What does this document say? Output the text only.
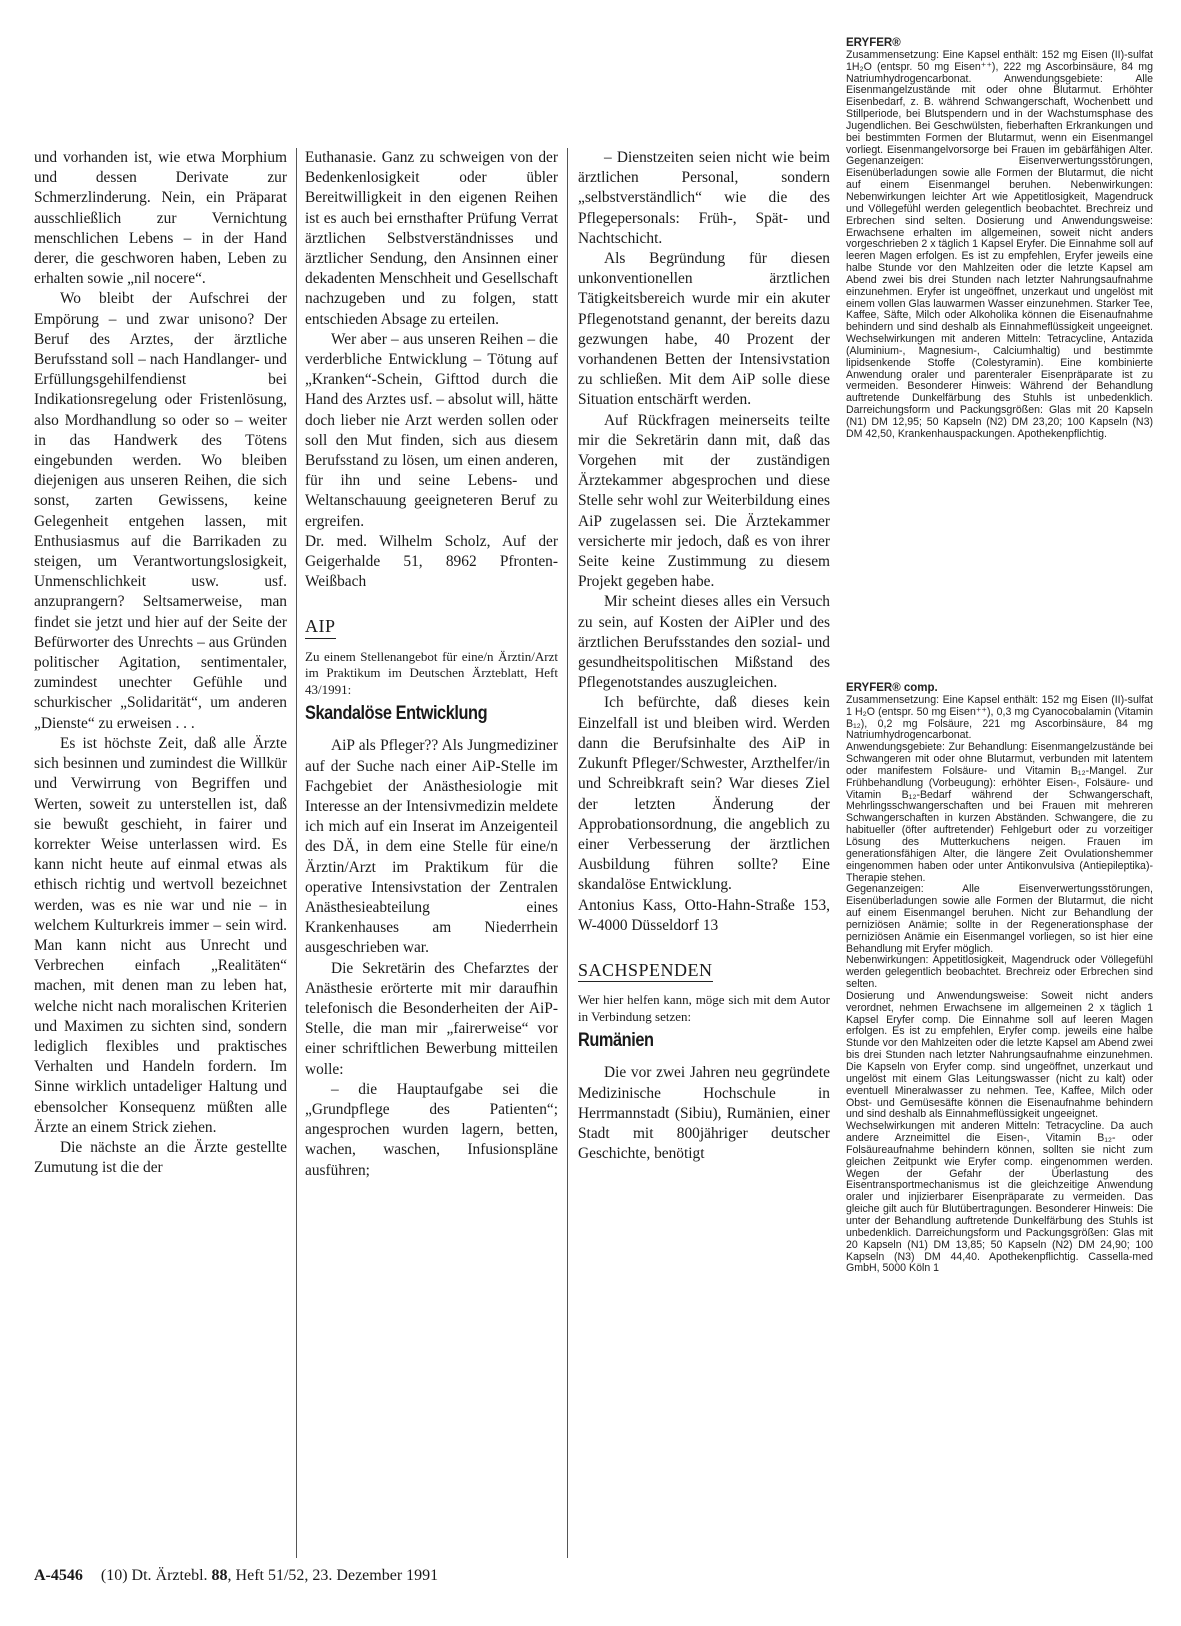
und vorhanden ist, wie etwa Morphium und dessen Derivate zur Schmerzlinderung. Nein, ein Präparat ausschließlich zur Vernichtung menschlichen Lebens – in der Hand derer, die geschworen haben, Leben zu erhalten sowie „nil nocere“.

Wo bleibt der Aufschrei der Empörung – und zwar unisono? Der Beruf des Arztes, der ärztliche Berufsstand soll – nach Handlanger- und Erfüllungsgehilfendienst bei Indikationsregelung oder Fristenlösung, also Mordhandlung so oder so – weiter in das Handwerk des Tötens eingebunden werden. Wo bleiben diejenigen aus unseren Reihen, die sich sonst, zarten Gewissens, keine Gelegenheit entgehen lassen, mit Enthusiasmus auf die Barrikaden zu steigen, um Verantwortungslosigkeit, Unmenschlichkeit usw. usf. anzuprangern? Seltsamerweise, man findet sie jetzt und hier auf der Seite der Befürworter des Unrechts – aus Gründen politischer Agitation, sentimentaler, zumindest unechter Gefühle und schurkischer „Solidarität“, um anderen „Dienste“ zu erweisen . . .

Es ist höchste Zeit, daß alle Ärzte sich besinnen und zumindest die Willkür und Verwirrung von Begriffen und Werten, soweit zu unterstellen ist, daß sie bewußt geschieht, in fairer und korrekter Weise unterlassen wird. Es kann nicht heute auf einmal etwas als ethisch richtig und wertvoll bezeichnet werden, was es nie war und nie – in welchem Kulturkreis immer – sein wird. Man kann nicht aus Unrecht und Verbrechen einfach „Realitäten“ machen, mit denen man zu leben hat, welche nicht nach moralischen Kriterien und Maximen zu sichten sind, sondern lediglich flexibles und praktisches Verhalten und Handeln fordern. Im Sinne wirklich untadeliger Haltung und ebensolcher Konsequenz müßten alle Ärzte an einem Strick ziehen.

Die nächste an die Ärzte gestellte Zumutung ist die der

Euthanasie. Ganz zu schweigen von der Bedenkenlosigkeit oder übler Bereitwilligkeit in den eigenen Reihen ist es auch bei ernsthafter Prüfung Verrat ärztlichen Selbstverständnisses und ärztlicher Sendung, den Ansinnen einer dekadenten Menschheit und Gesellschaft nachzugeben und zu folgen, statt entschieden Absage zu erteilen.

Wer aber – aus unseren Reihen – die verderbliche Entwicklung – Tötung auf „Kranken“-Schein, Gifttod durch die Hand des Arztes usf. – absolut will, hätte doch lieber nie Arzt werden sollen oder soll den Mut finden, sich aus diesem Berufsstand zu lösen, um einen anderen, für ihn und seine Lebens- und Weltanschauung geeigneteren Beruf zu ergreifen.

Dr. med. Wilhelm Scholz, Auf der Geigerhalde 51, 8962 Pfronten-Weißbach

AIP

Zu einem Stellenangebot für eine/n Ärztin/Arzt im Praktikum im Deutschen Ärzteblatt, Heft 43/1991:

Skandalöse Entwicklung

AiP als Pfleger?? Als Jungmediziner auf der Suche nach einer AiP-Stelle im Fachgebiet der Anästhesiologie mit Interesse an der Intensivmedizin meldete ich mich auf ein Inserat im Anzeigenteil des DÄ, in dem eine Stelle für eine/n Ärztin/Arzt im Praktikum für die operative Intensivstation der Zentralen Anästhesieabteilung eines Krankenhauses am Niederrhein ausgeschrieben war.

Die Sekretärin des Chefarztes der Anästhesie erörterte mit mir daraufhin telefonisch die Besonderheiten der AiP-Stelle, die man mir „fairerweise“ vor einer schriftlichen Bewerbung mitteilen wolle:

– die Hauptaufgabe sei die „Grundpflege des Patienten“; angesprochen wurden lagern, betten, wachen, waschen, Infusionspläne ausführen;

– Dienstzeiten seien nicht wie beim ärztlichen Personal, sondern „selbstverständlich“ wie die des Pflegepersonals: Früh-, Spät- und Nachtschicht.

Als Begründung für diesen unkonventionellen ärztlichen Tätigkeitsbereich wurde mir ein akuter Pflegenotstand genannt, der bereits dazu gezwungen habe, 40 Prozent der vorhandenen Betten der Intensivstation zu schließen. Mit dem AiP solle diese Situation entschärft werden.

Auf Rückfragen meinerseits teilte mir die Sekretärin dann mit, daß das Vorgehen mit der zuständigen Ärztekammer abgesprochen und diese Stelle sehr wohl zur Weiterbildung eines AiP zugelassen sei. Die Ärztekammer versicherte mir jedoch, daß es von ihrer Seite keine Zustimmung zu diesem Projekt gegeben habe.

Mir scheint dieses alles ein Versuch zu sein, auf Kosten der AiPler und des ärztlichen Berufsstandes den sozial- und gesundheitspolitischen Mißstand des Pflegenotstandes auszugleichen.

Ich befürchte, daß dieses kein Einzelfall ist und bleiben wird. Werden dann die Berufsinhalte des AiP in Zukunft Pfleger/Schwester, Arzthelfer/in und Schreibkraft sein? War dieses Ziel der letzten Änderung der Approbationsordnung, die angeblich zu einer Verbesserung der ärztlichen Ausbildung führen sollte? Eine skandalöse Entwicklung.

Antonius Kass, Otto-Hahn-Straße 153, W-4000 Düsseldorf 13

SACHSPENDEN

Wer hier helfen kann, möge sich mit dem Autor in Verbindung setzen:

Rumänien

Die vor zwei Jahren neu gegründete Medizinische Hochschule in Herrmannstadt (Sibiu), Rumänien, einer Stadt mit 800jähriger deutscher Geschichte, benötigt

ERYFER®

Zusammensetzung: Eine Kapsel enthält: 152 mg Eisen (II)-sulfat 1H₂O (entspr. 50 mg Eisen⁺⁺), 222 mg Ascorbinsäure, 84 mg Natriumhydrogencarbonat. Anwendungsgebiete: Alle Eisenmangelzustände mit oder ohne Blutarmut. Erhöhter Eisenbedarf, z. B. während Schwangerschaft, Wochenbett und Stillperiode, bei Blutspendern und in der Wachstumsphase des Jugendlichen. Bei Geschwülsten, fieberhaften Erkrankungen und bei bestimmten Formen der Blutarmut, wenn ein Eisenmangel vorliegt. Eisenmangelvorsorge bei Frauen im gebärfähigen Alter. Gegenanzeigen: Eisenverwertungsstörungen, Eisenüberladungen sowie alle Formen der Blutarmut, die nicht auf einem Eisenmangel beruhen. Nebenwirkungen: Nebenwirkungen leichter Art wie Appetitlosigkeit, Magendruck und Völlegefühl werden gelegentlich beobachtet. Brechreiz und Erbrechen sind selten. Dosierung und Anwendungsweise: Erwachsene erhalten im allgemeinen, soweit nicht anders vorgeschrieben 2 x täglich 1 Kapsel Eryfer. Die Einnahme soll auf leeren Magen erfolgen. Es ist zu empfehlen, Eryfer jeweils eine halbe Stunde vor den Mahlzeiten oder die letzte Kapsel am Abend zwei bis drei Stunden nach letzter Nahrungsaufnahme einzunehmen. Eryfer ist ungeöffnet, unzerkaut und ungelöst mit einem vollen Glas lauwarmen Wasser einzunehmen. Starker Tee, Kaffee, Säfte, Milch oder Alkoholika können die Eisenaufnahme behindern und sind deshalb als Einnahmeflüssigkeit ungeeignet. Wechselwirkungen mit anderen Mitteln: Tetracycline, Antazida (Aluminium-, Magnesium-, Calciumhaltig) und bestimmte lipidsenkende Stoffe (Colestyramin). Eine kombinierte Anwendung oraler und parenteraler Eisenpräparate ist zu vermeiden. Besonderer Hinweis: Während der Behandlung auftretende Dunkelfärbung des Stuhls ist unbedenklich. Darreichungsform und Packungsgrößen: Glas mit 20 Kapseln (N1) DM 12,95; 50 Kapseln (N2) DM 23,20; 100 Kapseln (N3) DM 42,50, Krankenhauspackungen. Apothekenpflichtig.

ERYFER® comp.

Zusammensetzung: Eine Kapsel enthält: 152 mg Eisen (II)-sulfat 1 H₂O (entspr. 50 mg Eisen⁺⁺), 0,3 mg Cyanocobalamin (Vitamin B₁₂), 0,2 mg Folsäure, 221 mg Ascorbinsäure, 84 mg Natriumhydrogencarbonat.

Anwendungsgebiete: Zur Behandlung: Eisenmangelzustände bei Schwangeren mit oder ohne Blutarmut, verbunden mit latentem oder manifestem Folsäure- und Vitamin B₁₂-Mangel. Zur Frühbehandlung (Vorbeugung): erhöhter Eisen-, Folsäure- und Vitamin B₁₂-Bedarf während der Schwangerschaft, Mehrlingsschwangerschaften und bei Frauen mit mehreren Schwangerschaften in kurzen Abständen. Schwangere, die zu habitueller (öfter auftretender) Fehlgeburt oder zu vorzeitiger Lösung des Mutterkuchens neigen. Frauen im generationsfähigen Alter, die längere Zeit Ovulationshemmer eingenommen haben oder unter Antikonvulsiva (Antiepileptika)-Therapie stehen.

Gegenanzeigen: Alle Eisenverwertungsstörungen, Eisenüberladungen sowie alle Formen der Blutarmut, die nicht auf einem Eisenmangel beruhen. Nicht zur Behandlung der perniziösen Anämie; sollte in der Regenerationsphase der perniziösen Anämie ein Eisenmangel vorliegen, so ist hier eine Behandlung mit Eryfer möglich.

Nebenwirkungen: Appetitlosigkeit, Magendruck oder Völlegefühl werden gelegentlich beobachtet. Brechreiz oder Erbrechen sind selten.

Dosierung und Anwendungsweise: Soweit nicht anders verordnet, nehmen Erwachsene im allgemeinen 2 x täglich 1 Kapsel Eryfer comp. Die Einnahme soll auf leeren Magen erfolgen. Es ist zu empfehlen, Eryfer comp. jeweils eine halbe Stunde vor den Mahlzeiten oder die letzte Kapsel am Abend zwei bis drei Stunden nach letzter Nahrungsaufnahme einzunehmen. Die Kapseln von Eryfer comp. sind ungeöffnet, unzerkaut und ungelöst mit einem Glas Leitungswasser (nicht zu kalt) oder eventuell Mineralwasser zu nehmen. Tee, Kaffee, Milch oder Obst- und Gemüsesäfte können die Eisenaufnahme behindern und sind deshalb als Einnahmeflüssigkeit ungeeignet.

Wechselwirkungen mit anderen Mitteln: Tetracycline. Da auch andere Arzneimittel die Eisen-, Vitamin B₁₂- oder Folsäureaufnahme behindern können, sollten sie nicht zum gleichen Zeitpunkt wie Eryfer comp. eingenommen werden. Wegen der Gefahr der Überlastung des Eisentransportmechanismus ist die gleichzeitige Anwendung oraler und injizierbarer Eisenpräparate zu vermeiden. Das gleiche gilt auch für Blutübertragungen. Besonderer Hinweis: Die unter der Behandlung auftretende Dunkelfärbung des Stuhls ist unbedenklich. Darreichungsform und Packungsgrößen: Glas mit 20 Kapseln (N1) DM 13,85; 50 Kapseln (N2) DM 24,90; 100 Kapseln (N3) DM 44,40. Apothekenpflichtig. Cassella-med GmbH, 5000 Köln 1

A-4546 (10) Dt. Ärztebl. 88, Heft 51/52, 23. Dezember 1991
